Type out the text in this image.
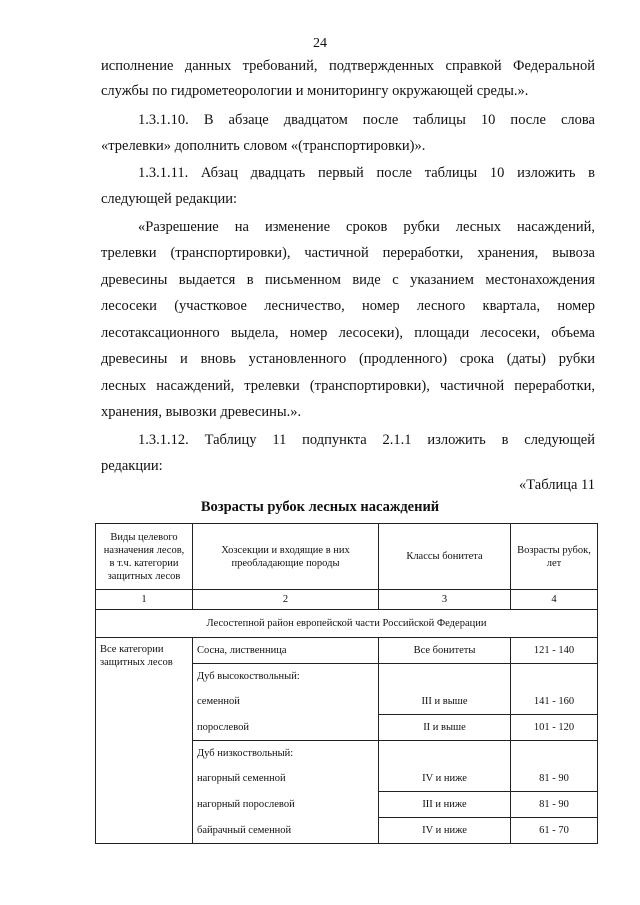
24
исполнение данных требований, подтвержденных справкой Федеральной
службы по гидрометеорологии и мониторингу окружающей среды.».
1.3.1.10. В абзаце двадцатом после таблицы 10 после слова
«трелевки» дополнить словом «(транспортировки)».
1.3.1.11. Абзац двадцать первый после таблицы 10 изложить в
следующей редакции:
«Разрешение на изменение сроков рубки лесных насаждений,
трелевки (транспортировки), частичной переработки, хранения, вывоза
древесины выдается в письменном виде с указанием местонахождения
лесосеки (участковое лесничество, номер лесного квартала, номер
лесотаксационного выдела, номер лесосеки), площади лесосеки, объема
древесины и вновь установленного (продленного) срока (даты) рубки
лесных насаждений, трелевки (транспортировки), частичной переработки,
хранения, вывозки древесины.».
1.3.1.12. Таблицу 11 подпункта 2.1.1 изложить в следующей
редакции:
«Таблица 11
Возрасты рубок лесных насаждений
Виды целевого назначения лесов, в т.ч. категории защитных лесов	Хозсекции и входящие в них преобладающие породы	Классы бонитета	Возрасты рубок, лет
1	2	3	4
Лесостепной район европейской части Российской Федерации			
Все категории защитных лесов	Сосна, лиственница	Все бонитеты	121 - 140
	Дуб высокоствольный:		
	семенной	III и выше	141 - 160
	порослевой	II и выше	101 - 120
	Дуб низкоствольный:		
	нагорный семенной	IV и ниже	81 - 90
	нагорный порослевой	III и ниже	81 - 90
	байрачный семенной	IV и ниже	61 - 70
